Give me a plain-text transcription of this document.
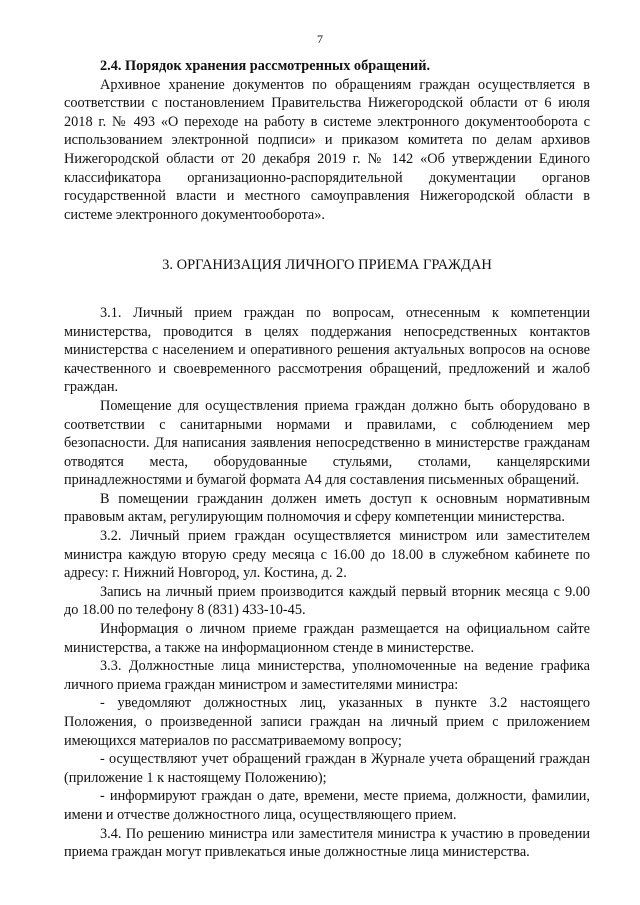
7

2.4. Порядок хранения рассмотренных обращений.

Архивное хранение документов по обращениям граждан осуществляется в соответствии с постановлением Правительства Нижегородской области от 6 июля 2018 г. № 493 «О переходе на работу в системе электронного документооборота с использованием электронной подписи» и приказом комитета по делам архивов Нижегородской области от 20 декабря 2019 г. № 142 «Об утверждении Единого классификатора организационно-распорядительной документации органов государственной власти и местного самоуправления Нижегородской области в системе электронного документооборота».

3. ОРГАНИЗАЦИЯ ЛИЧНОГО ПРИЕМА ГРАЖДАН

3.1. Личный прием граждан по вопросам, отнесенным к компетенции министерства, проводится в целях поддержания непосредственных контактов министерства с населением и оперативного решения актуальных вопросов на основе качественного и своевременного рассмотрения обращений, предложений и жалоб граждан.

Помещение для осуществления приема граждан должно быть оборудовано в соответствии с санитарными нормами и правилами, с соблюдением мер безопасности. Для написания заявления непосредственно в министерстве гражданам отводятся места, оборудованные стульями, столами, канцелярскими принадлежностями и бумагой формата А4 для составления письменных обращений.

В помещении гражданин должен иметь доступ к основным нормативным правовым актам, регулирующим полномочия и сферу компетенции министерства.

3.2. Личный прием граждан осуществляется министром или заместителем министра каждую вторую среду месяца с 16.00 до 18.00 в служебном кабинете по адресу: г. Нижний Новгород, ул. Костина, д. 2.

Запись на личный прием производится каждый первый вторник месяца с 9.00 до 18.00 по телефону 8 (831) 433-10-45.

Информация о личном приеме граждан размещается на официальном сайте министерства, а также на информационном стенде в министерстве.

3.3. Должностные лица министерства, уполномоченные на ведение графика личного приема граждан министром и заместителями министра:

- уведомляют должностных лиц, указанных в пункте 3.2 настоящего Положения, о произведенной записи граждан на личный прием с приложением имеющихся материалов по рассматриваемому вопросу;

- осуществляют учет обращений граждан в Журнале учета обращений граждан (приложение 1 к настоящему Положению);

- информируют граждан о дате, времени, месте приема, должности, фамилии, имени и отчестве должностного лица, осуществляющего прием.

3.4. По решению министра или заместителя министра к участию в проведении приема граждан могут привлекаться иные должностные лица министерства.
